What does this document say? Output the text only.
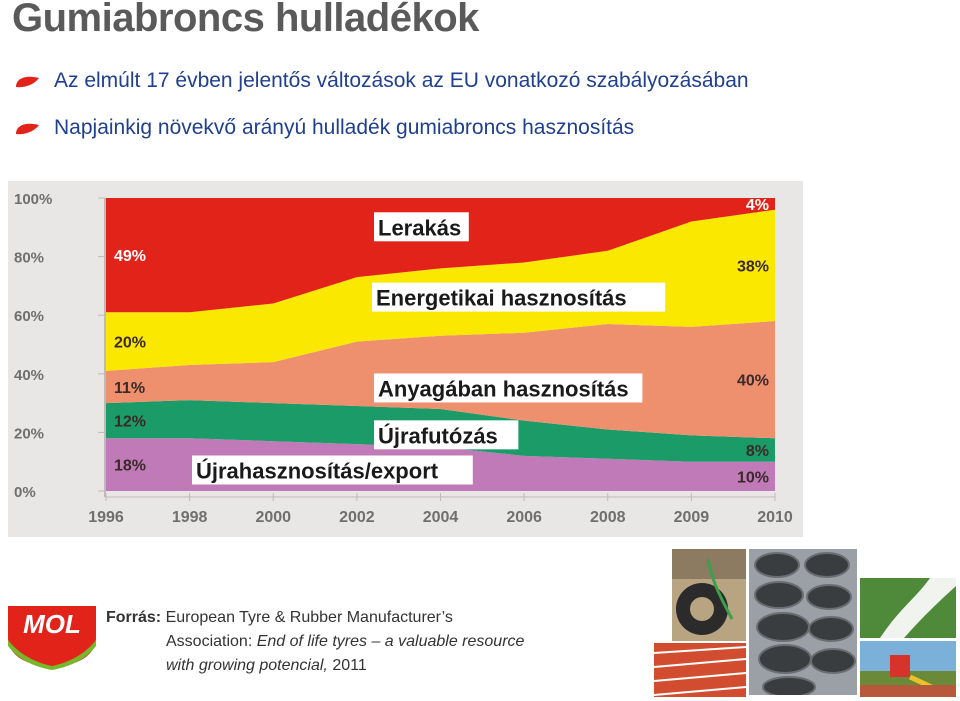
Gumiabroncs hulladékok
Az elmúlt 17 évben jelentős változások az EU vonatkozó szabályozásában
Napjainkig növekvő arányú hulladék gumiabroncs hasznosítás
0%
20%
40%
60%
80%
100%
1996	1998	2000	2002	2004	2006	2008	2009	2010
49%
20%
11%
12%
18%
4%
38%
40%
8%
10%
Lerakás
Energetikai hasznosítás
Anyagában hasznosítás
Újrafutózás
Újrahasznosítás/export
MOL Forrás: European Tyre & Rubber Manufacturer’s
Association: End of life tyres – a valuable resource
with growing potencial, 2011
